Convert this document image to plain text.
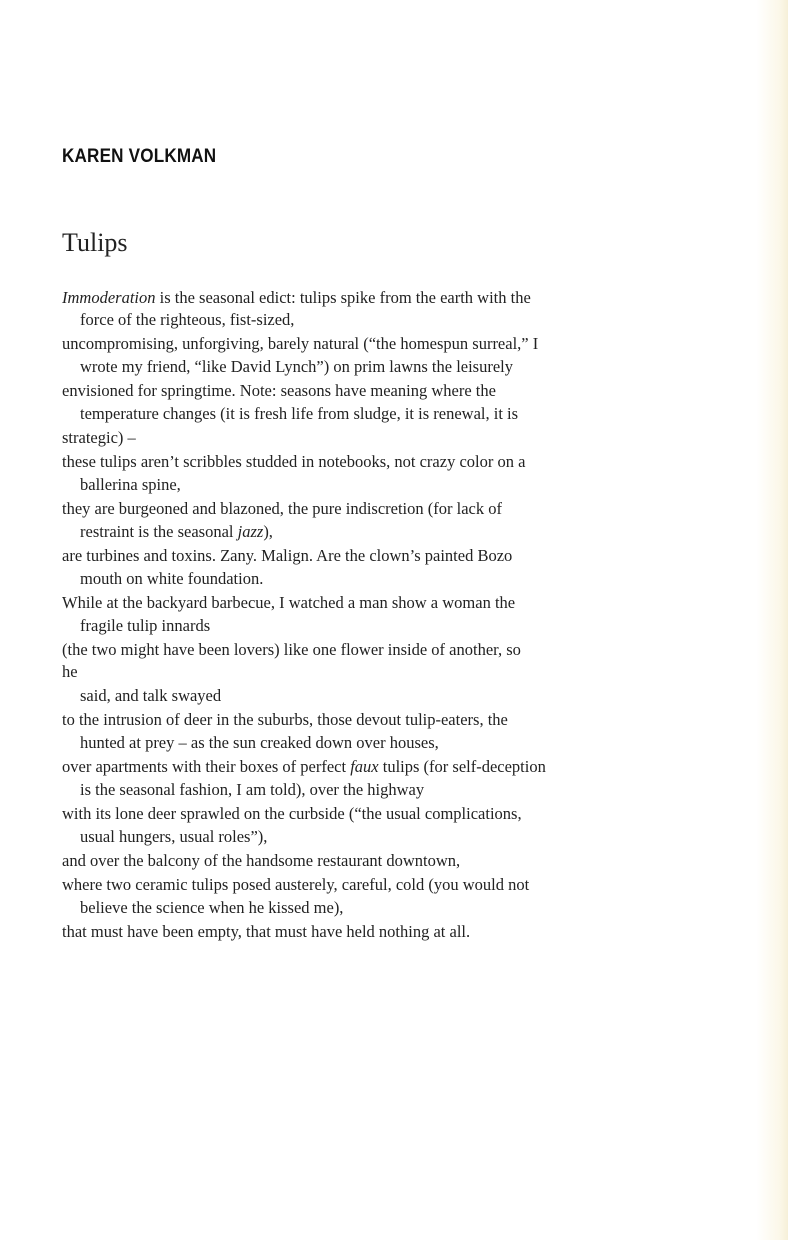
KAREN VOLKMAN
Tulips
Immoderation is the seasonal edict: tulips spike from the earth with the
force of the righteous, fist-sized,
uncompromising, unforgiving, barely natural (“the homespun surreal,” I
wrote my friend, “like David Lynch”) on prim lawns the leisurely
envisioned for springtime. Note: seasons have meaning where the
temperature changes (it is fresh life from sludge, it is renewal, it is
strategic) –
these tulips aren’t scribbles studded in notebooks, not crazy color on a
ballerina spine,
they are burgeoned and blazoned, the pure indiscretion (for lack of
restraint is the seasonal jazz),
are turbines and toxins. Zany. Malign. Are the clown’s painted Bozo
mouth on white foundation.
While at the backyard barbecue, I watched a man show a woman the
fragile tulip innards
(the two might have been lovers) like one flower inside of another, so
he
said, and talk swayed
to the intrusion of deer in the suburbs, those devout tulip-eaters, the
hunted at prey – as the sun creaked down over houses,
over apartments with their boxes of perfect faux tulips (for self-deception
is the seasonal fashion, I am told), over the highway
with its lone deer sprawled on the curbside (“the usual complications,
usual hungers, usual roles”),
and over the balcony of the handsome restaurant downtown,
where two ceramic tulips posed austerely, careful, cold (you would not
believe the science when he kissed me),
that must have been empty, that must have held nothing at all.
